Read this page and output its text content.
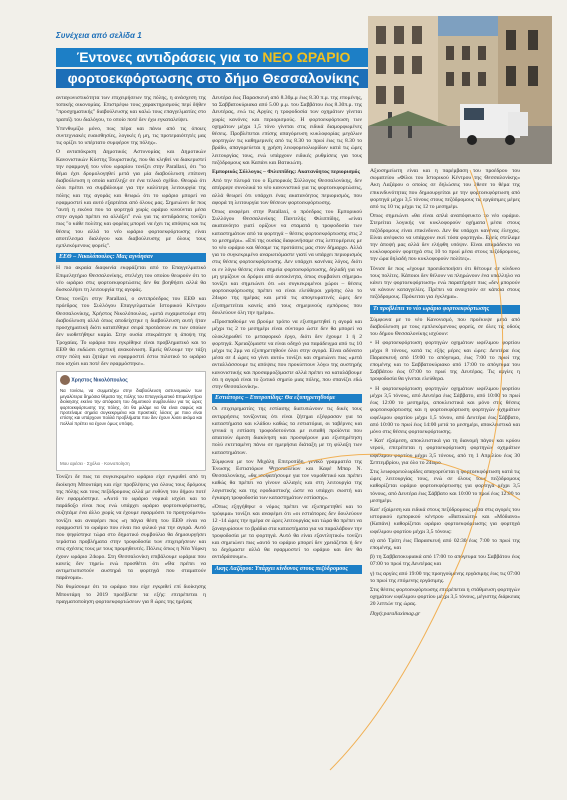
Συνέχεια από σελίδα 1
Έντονες αντιδράσεις για το ΝΕΟ ΩΡΑΡΙΟ
φορτοεκφόρτωσης στο δήμο Θεσσαλονίκης

ανταγωνιστικότητα των επιχειρήσεων της πόλης, η ανάσχεση της τοπικής οικονομίας. Επιστρέφω τους χαρακτηρισμούς περί δήθεν "προσχηματικής" διαβούλευσης και καλώ τους επαγγελματίες στο τραπέζι του διαλόγου, το οποίο ποτέ δεν έχω εγκαταλείψει.

Υπενθυμίζω μόνο, πως πέρα και πάνω από τις όποιες συντεχνιακές ευαισθησίες, λογικές ή μη, τις προτεραιότητές μας τις ορίζει το υπέρτατο συμφέρον της πόλης».

Ο ανταπόκριση Δημοτικός Αστυνομίας και Δημοτικών Κανονιστικών Κύστης Τουριστικής, που θα κληθεί να διακεριστεί την εφαρμογή του νέου ωραρίου τονίζει στην Parallaxi, ότι "το θέμα έχει δρομολογηθεί μετά για μία διαβούλευση επίπονη διαβούλευση η οποία κατέληξε σε ένα τελικό σχέδιο. Θεωρώ ότι όλοι πρέπει να συμβάλουμε για την καλύτερη λειτουργία της πόλης και της αγοράς και θεωρώ ότι το ωράριο μπορεί να εφαρμοστεί και αυτό εξαρτάται από όλους μας. Σημειώνει δε πως "αυτή η εικόνα που τα φορτηγά χωρίς ωράριο κινούνται μέσα στην αγορά πρέπει να αλλάξει" ενώ για τις αντιδράσεις τονίζει πως "ο κάθε πολίτης και φορέας μπορεί να έχει τις απόψεις και τις θέσεις του αλλά το νέο ωράριο φορτοεκφόρτωσης είναι αποτέλεσμα διαλόγου και διαβούλευσης με όλους τους εμπλεκόμενους φορείς".

ΕΕΘ – Νικολόπουλος: Μας αγνόησαν

Η πιο ακραία διαφωνία εκφράζεται από το Επαγγελματικό Επιμελητήριο Θεσσαλονίκης, στελέχη του οποίου θεωρούν ότι το νέο ωράριο στις φορτοεκφορτώσεις δεν θα βοηθήσει αλλά θα δυσκολέψει τη λειτουργία της αγοράς.

Όπως τονίζει στην Parallaxi, ο αντιπρόεδρος του ΕΕΘ και πρόεδρος του Συλλόγου Επαγγελματιών Ιστορικού Κέντρου Θεσσαλονίκης, Χρήστος Νικολόπουλος, «μετά ευχαριστούμε στη διαβούλευση αλλά όπως αποδείχτηκε η διαβούλευση αυτή ήταν προσχηματική διότι κατατέθηκε σειρά προτάσεων εκ των οποίων δεν υιοθετήθηκε καμία. Στην ουσία επικράτησε η άποψη της Τροχαίας. Το ωράριο που εγκρίθηκε είναι προβληματικό και το ΕΕΘ θα εκδώσει σχετική ανακοίνωση. Εμείς θέλουμε την τάξη στην πόλη και ζητάμε να εφαρμοστεί έστω πιλοτικό το ωράριο που ισχύει και ποτέ δεν εφαρμόστηκε».

Χρηστος Νικολόπουλος
Να τονίσω, να συμμετέχω στην διαβούλευση αστυνομικών των μεγαλύτερα δημόσια θέματα της πόλης του Επαγγελματικό Επιμελητήριο διοίκησης εκείνο την απόφαση του δημοτικού συμβουλίου για τις ώρες φορτοεκφόρτωσης της πόλης, ότι θα μιλάμε να θα είναι σαφώς και προτείναμε σημεία συγκεκριμένα και πρακτικές λύσεις με ποιο είναι επίσης και υπάρχουν πολλά προβλήματα που δεν έχουν λύσει ακόμα και πολλοί πρέπει να έχουν όμως υπόψη.
Μου αρέσει · Σχόλιο · Κοινοποίηση

Τονίζει δε πως τα συγκεκριμένο ωράριο είχε εγκριθεί από τη διοίκηση Μπουτάρη και είχε προβλέψεις για όλους τους δρόμους της πόλης και τους πεζόδρομους αλλά με ευθύνη του δήμου ποτέ δεν εφαρμόστηκε. «Αυτό το ωράριο νομικά ισχύει και το παράδοξο είναι πως ενώ υπάρχει ωράριο φορτοεκφόρτωσης, συζητάμε ένα άλλο χωρίς να έχουμε εφαρμόσει το προηγούμενο» τονίζει και αναφέρει πως «η πάγια θέση του ΕΕΘ είναι να εφαρμοστεί το ωράριο που είναι πιο φιλικό για την αγορά. Αυτό που ψηφίστηκε τώρα στο δημοτικό συμβούλιο θα δημιουργήσει τεράστια προβλήματα στην τροφοδοσία των επιχειρήσεων και στις σχέσεις τους με τους προμηθευτές. Πόλεις όπως η Νέα Υόρκη έχουν ωράριο 24ωρο. Στη Θεσσαλονίκη επιβάλουμε ωράρια που κανείς δεν τηρεί» ενώ προσθέτει ότι «Θα πρέπει να αντιμετωπιστούν αυστηρά τα φορτηγά που σταματούν παράνομα».

Να θυμίσουμε ότι το ωράριο που είχε εγκριθεί επί διοίκησης Μπουτάρη το 2019 προέβλεπε τα εξής: επιτρέπεται η πραγματοποίηση φορτοεκφορτώσεων για 8 ώρες της ημέρας

Δευτέρα έως Παρασκευή από 8.30μ.μ έως 8.30 π.μ. της επομένης, τα Σαββατοκύριακα από 5.00 μ.μ. του Σαββάτου έως 8.30π.μ. της Δευτέρας, ενώ τις Αργίες η τροφοδοσία των οχημάτων γίνεται χωρίς κανόνες και περιορισμούς. Η φορτοεκφόρτωση των οχημάτων μέχρι 1,5 τόνο γίνεται στις ειδικά διαμορφωμένες θέσεις. Προβλέπεται επίσης απαγόρευση κυκλοφορίας μεγάλων φορτηγών τις καθημερινές από τις 8.30 το πρωί έως τις 8.30 το βράδυ, απαγορεύεται η χρήση λεωφορειολωρίδων κατά τις ώρες λειτουργίας τους, ενώ υπάρχουν ειδικές ρυθμίσεις για τους πεζόδρομους και Καπάνι και Βατικιώτη.

Εμπορικός Σύλλογος – Φιλιππίδης: Ακατανόητος περιορισμός

Από την πλευρά του ο Εμπορικός Σύλλογος Θεσσαλονίκης, δεν απέρριψε συνολικά το νέο κανονιστικό για τις φορτοεκφορτώσεις, αλλά θεωρεί ότι υπάρχει ένας ακατανόητος περιορισμός, που αφορά τη λειτουργία των θέσεων φορτοεκφόρτωσης.

Όπως αναφέρει στην Parallaxi, ο πρόεδρος του Εμπορικού Συλλόγου Θεσσαλονίκης Παντελής Φιλιππίδης, «είναι ακατανόητο γιατί ορίζουν να σταματά η τροφοδοσία των καταστημάτων από τα φορτηγά – θέσεις φορτοεκφόρτωσης στις 2 το μεσημέρι». «Επί της ουσίας διαφωνήσαμε στις λεπτομέρειες με το νέο ωράριο και θέσαμε τις προτάσεις μας στον δήμαρχο. Αλλά για το συγκεκριμένο αναρωτιόμαστε γιατί να υπάρχει περιορισμός στις θέσεις φορτοεκφόρτωσης. Δεν υπάρχει κανένας λόγος, διότι οι εν λόγω θέσεις είναι σημεία φορτοεκφόρτωσης, δηλαδή για να μη γεμίζουν οι δρόμοι από αυτοκίνητα, όπως συμβαίνει σήμερα» τονίζει και σημειώνει ότι «οι συγκεκριμένοι χώροι – θέσεις φορτοεκφόρτωσης πρέπει να είναι ελεύθεροι χρήσης όλο το 24ωρο της ημέρας και μετά τις απογευματινές ώρες δεν εξυπηρετείται κανείς από τους σημερινούς εμπόρους που δουλεύουν όλη την ημέρα».

«Προσπαθούμε να βρούμε τρόπο να εξυπηρετηθεί η αγορά και μέχρι τις 2 το μεσημέρι είναι σύντομο ώστε δεν θα μπορεί να ολοκληρωθεί το μεταφορικό έργο, διότι δεν έχουμε 1 ή 2 φορτηγά. Χρειαζόμαστε να είναι οδηγό για παράδειγμα από τις 10 μέχρι τις 2μμ να εξυπηρετηθούν όλοι στην αγορά. Είναι αδύνατο μέσα σε 4 ώρες να γίνει αυτό» τονίζει και σημειώνει πως «μετά ανταλλάσσουμε τις απόψεις που προκύπτουν λόγω της αυστηρής κανονιστικής και προσαρμοζόμαστε αλλά πρέπει να καταλάβουμε ότι η αγορά είναι το ζωτικό σημείο μιας πόλης, που σπανίζει εδώ στην Θεσσαλονίκη».

Εστιάτορες – Επιτροπίδης: Θα εξυπηρετηθούμε

Οι επιχειρηματίες της εστίασης διατυπώνουν τις δικές τους αντιρρήσεις τονίζοντας ότι είναι ζήτημα εξέφρασαν για τα καταστήματα και κλάδου καθώς τα εστιατόρια, οι ταβέρνες και γενικά η εστίαση τροφοδοτούνται με ευπαθή προϊόντα που απαιτούν άμεση διακίνηση και προσφέρουν μια εξυπηρέτηση πολύ εκτεταμένη πάνω σε ημερήσια διάταξη με τη φύλαξη των καταστημάτων.

Σύμφωνα με τον Μιχάλη Επιτροπίδη, γενικό γραμματέα της Ένωσης Εστιατόρων Ψητοπωλείων και Καφέ Μπαρ Ν. Θεσσαλονίκης, «θα ισοφατήσουμε για τον νομοθετικό και πρέπει καθώς θα πρέπει να γίνουν αλλαγές και στη λειτουργία της λογιστικής και της εφοδιαστικής ώστε να υπάρχει σωστή και έγκαιρη τροφοδοσία των καταστημάτων εστίασης».

«Όπως εξηγήθηκε ο νόμος πρέπει να εξυπηρετηθεί και το τρόφιμα» τονίζει και αναφέρει ότι «οι εστιάτορες δεν δουλεύουν 12 -14 ώρες την ημέρα σε ώρες λειτουργίας και τώρα θα πρέπει να ξαναγυρίσουν το βράδια στα καταστήματα για να παραλάβουν την τροφοδοσία με τα φορτηγά. Αυτό θα είναι εξαντλητικό» τονίζει και σημειώνει πως «αυτό το ωράριο μπορεί δεν χρειάζεται ή δεν το δεχόμαστε αλλά θα εφαρμοστεί το ωράριο και δεν θα αντιδράσουμε».

Ακης Λαζάρου: Υπάρχει κίνδυνος στους πεζόδρομους

Αξιοσημείωτη είναι και η παρέμβαση του προέδρου του σωματείου «Φίλοι του Ιστορικού Κέντρου της Θεσσαλονίκης» Ακη Λαζάρου ο οποίος σε δηλώσεις του έθεσε το θέμα της επικινδυνότητας που δημιουργείται με την φορτοεκφόρτωση από φορτηγά μέχρι 3,5 τόνους στους πεζόδρομους τις εργάσιμες μέρες από τις 10 τις μέχρι τις 12 το μεσημέρι.

Όπως σημειώνει «θα είναι απλά αναπόφευκτο το νέο ωράριο. Στερείται λογικής να κυκλοφορούν οχήματα μέσα στους πεζόδρομους είναι επικίνδυνο. Δεν θα υπάρχει κανένας έλεγχος. Είναι ανέφικτο να υπάρχουν εκεί τόσα φορτηγά». Εμείς στείλαμε την άποψή μας αλλά δεν ελήφθη υπόψιν. Είναι απαράδεκτο να κυκλοφορούν φορτηγά στις 10 το πρωί μέσα στους πεζόδρομους, την ώρα δηλαδή που κυκλοφορούν πολίτες».

Τόνισε δε πως «έχουμε προειδοποιήσει ότι θέτουμε σε κίνδυνο τους πολίτες. Κάποιοι δεν θέλουν να πληρώνουν ένα υπάλληλο να κάνει την φορτοεκφόρτωση» ενώ παρατήρησε πως «δεν μπορούν να κάνουν καταγγελίες. Πρέπει να ανοιχτούν σε κάποια στους πεζόδρομους. Πρόκειται για έγκλημα».

Τι προβλέπει το νέο ωράριο φορτοεκφόρτωσης

Σύμφωνα με το νέο Κανονισμό, που προέκυψε μετά από διαβούλευση με τους εμπλεκόμενους φορείς, σε όλες τις οδούς του δήμου Θεσσαλονίκης ισχύουν:

• Η φορτοεκφόρτωση φορτηγών οχημάτων ωφέλιμου φορτίου μέχρι 8 τόνους, κατά τις εξής μέρες και ώρες: Δευτέρα έως Παρασκευή από 19:00 το απόγευμα, έως 7:00 το πρωί της επομένης και το Σαββατοκύριακο από 17:00 το απόγευμα του Σαββάτου έως 07:00 το πρωί της Δευτέρας. Τις αργίες η τροφοδοσία θα γίνεται ελεύθερα.

• Η φορτοεκφόρτωση φορτηγών οχημάτων ωφέλιμου φορτίου μέχρι 3,5 τόνους, από Δευτέρα έως Σάββατο, από 10:00 το πρωί έως 12:00 το μεσημέρι, αποκλειστικά και μόνο στις θέσεις φορτοεκφόρτωσης και η φορτοεκφόρτωση φορτηγών οχημάτων ωφέλιμου φορτίου μέχρι 1,5 τόνου, από Δευτέρα έως Σάββατο, από 10:00 το πρωί έως 14:00 μετά το μεσημέρι, αποκλειστικά και μόνο στις θέσεις φορτοεκφόρτωσης.

• Κατ' εξαίρεση, αποκλειστικά για τη διανομή πάγου και κρύου νερού, επιτρέπεται η φορτοεκφόρτωση φορτηγών οχημάτων ωφέλιμου φορτίου μέχρι 3,5 τόνους, από τη 1 Απριλίου έως 30 Σεπτεμβρίου, για όλο το 24ωρο.

Στις λεωφορειολωρίδες απαγορεύεται η φορτοεκφόρτωση κατά τις ώρες λειτουργίας τους, ενώ σε όλους τους πεζόδρομους καθορίζεται ωράριο φορτοεκφόρτωσης για φορτηγά μέχρι 3,5 τόνους, από Δευτέρα έως Σάββατο και 10:00 το πρωί έως 12:00 το μεσημέρι.

Κατ' εξαίρεση και ειδικά στους πεζόδρομους μέσα στις αγορές του ιστορικού εμπορικού κέντρου «Βατικιώτη» και «Μόδιανο» (Καπάνι) καθορίζεται ωράριο φορτοεκφόρτωσης για φορτηγά ωφέλιμου φορτίου μέχρι 3,5 τόνους:

α) από Τρίτη έως Παρασκευή από 02:30 έως 7:00 το πρωί της επομένης, και

β) τη Σαββατοκυριακά από 17:00 το απόγευμα του Σαββάτου έως 07:00 το πρωί της Δευτέρας και

γ) τις αργίες από 19:00 της προηγούμενης εργάσιμης έως τις 07:00 το πρωί της επόμενης εργάσιμης.

Στις θέσεις φορτοεκφόρτωσης επιτρέπεται η στάθμευση φορτηγών οχημάτων ωφέλιμου φορτίου μέχρι 3,5 τόνους, μέγιστης διάρκειας 20 λεπτών της ώρας.

Πηγή:parallaximag.gr
